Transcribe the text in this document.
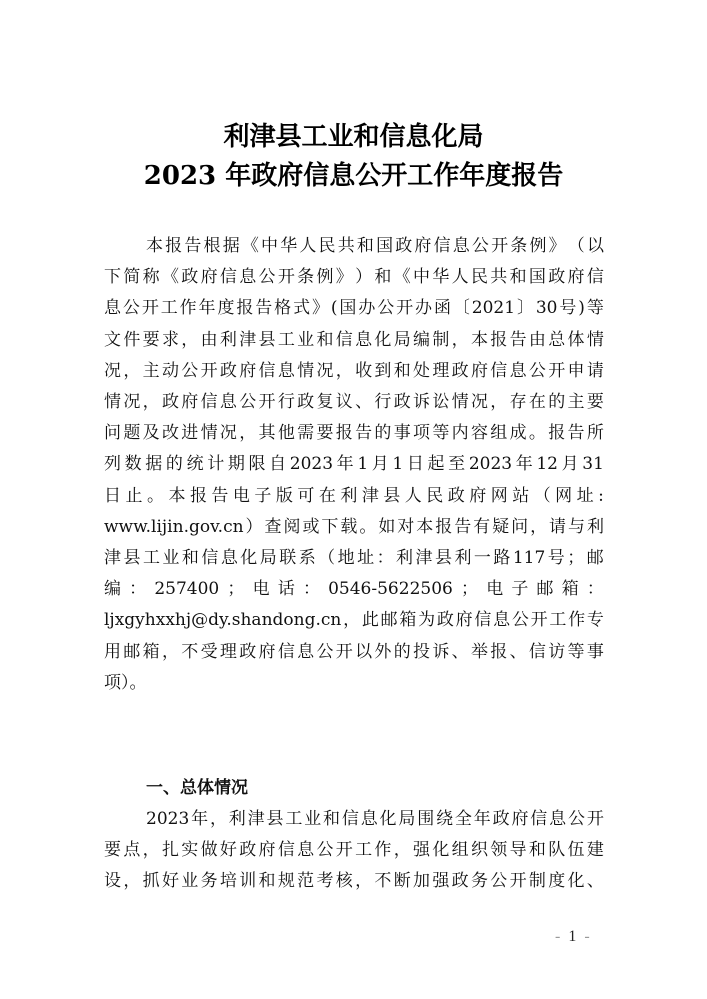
利津县工业和信息化局
2023 年政府信息公开工作年度报告
本 报 告 根 据 《 中 华 人 民 共 和 国 政 府 信 息 公 开 条 例 》 （ 以
下 简 称 《 政 府 信 息 公 开 条 例 》 ） 和 《 中 华 人 民 共 和 国 政 府 信
息 公 开 工 作 年 度 报 告 格 式 》 ( 国 办 公 开 办 函 〔 2021 〕 30 号 ) 等
文 件 要 求 ， 由 利 津 县 工 业 和 信 息 化 局 编 制 ， 本 报 告 由 总 体 情
况 ， 主 动 公 开 政 府 信 息 情 况 ， 收 到 和 处 理 政 府 信 息 公 开 申 请
情 况 ， 政 府 信 息 公 开 行 政 复 议 、 行 政 诉 讼 情 况 ， 存 在 的 主 要
问 题 及 改 进 情 况 ， 其 他 需 要 报 告 的 事 项 等 内 容 组 成 。 报 告 所
列 数 据 的 统 计 期 限 自 2023 年 1 月 1 日 起 至 2023 年 12 月 31
日 止 。 本 报 告 电 子 版 可 在 利 津 县 人 民 政 府 网 站 （ 网 址 :
www.lijin.gov.cn ） 查 阅 或 下 载 。 如 对 本 报 告 有 疑 问 ， 请 与 利
津 县 工 业 和 信 息 化 局 联 系 （ 地 址 ： 利 津 县 利 一 路 117 号 ； 邮
编 ： 257400 ； 电 话 ： 0546-5622506 ； 电 子 邮 箱 ：
ljxgyhxxhj@dy.shandong.cn ， 此 邮 箱 为 政 府 信 息 公 开 工 作 专
用 邮 箱 ， 不 受 理 政 府 信 息 公 开 以 外 的 投 诉 、 举 报 、 信 访 等 事
项）。
一、总体情况
2023 年 ， 利 津 县 工 业 和 信 息 化 局 围 绕 全 年 政 府 信 息 公 开
要 点 ， 扎 实 做 好 政 府 信 息 公 开 工 作 ， 强 化 组 织 领 导 和 队 伍 建
设 ， 抓 好 业 务 培 训 和 规 范 考 核 ， 不 断 加 强 政 务 公 开 制 度 化 、
- 1 -
